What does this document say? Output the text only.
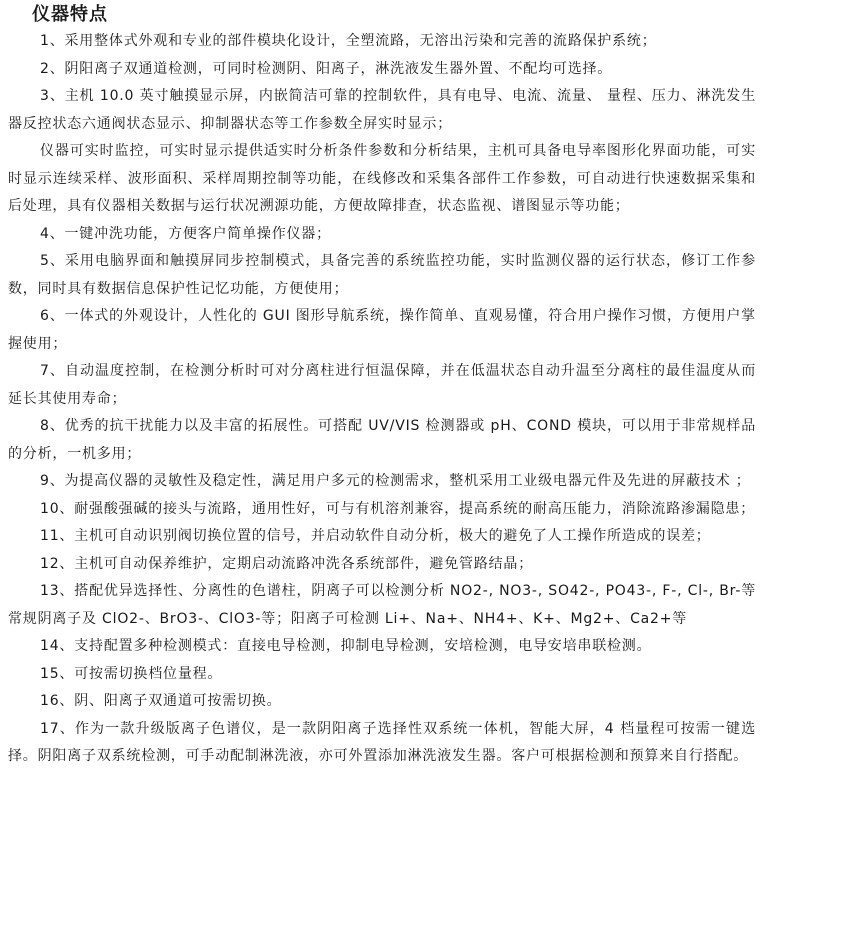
仪器特点

1、采用整体式外观和专业的部件模块化设计，全塑流路，无溶出污染和完善的流路保护系统；

2、阴阳离子双通道检测，可同时检测阴、阳离子，淋洗液发生器外置、不配均可选择。

3、主机 10.0 英寸触摸显示屏，内嵌简洁可靠的控制软件，具有电导、电流、流量、 量程、压力、淋洗发生器反控状态六通阀状态显示、抑制器状态等工作参数全屏实时显示；

仪器可实时监控，可实时显示提供适实时分析条件参数和分析结果，主机可具备电导率图形化界面功能，可实时显示连续采样、波形面积、采样周期控制等功能，在线修改和采集各部件工作参数，可自动进行快速数据采集和后处理，具有仪器相关数据与运行状况溯源功能，方便故障排查，状态监视、谱图显示等功能；

4、一键冲洗功能，方便客户简单操作仪器；

5、采用电脑界面和触摸屏同步控制模式，具备完善的系统监控功能，实时监测仪器的运行状态，修订工作参数，同时具有数据信息保护性记忆功能，方便使用；

6、一体式的外观设计，人性化的 GUI 图形导航系统，操作简单、直观易懂，符合用户操作习惯，方便用户掌握使用；

7、自动温度控制，在检测分析时可对分离柱进行恒温保障，并在低温状态自动升温至分离柱的最佳温度从而延长其使用寿命；

8、优秀的抗干扰能力以及丰富的拓展性。可搭配 UV/VIS 检测器或 pH、COND 模块，可以用于非常规样品的分析，一机多用；

9、为提高仪器的灵敏性及稳定性，满足用户多元的检测需求，整机采用工业级电器元件及先进的屏蔽技术 ；

10、耐强酸强碱的接头与流路，通用性好，可与有机溶剂兼容，提高系统的耐高压能力，消除流路渗漏隐患；

11、主机可自动识别阀切换位置的信号，并启动软件自动分析，极大的避免了人工操作所造成的误差；

12、主机可自动保养维护，定期启动流路冲洗各系统部件，避免管路结晶；

13、搭配优异选择性、分离性的色谱柱，阴离子可以检测分析 NO2-, NO3-, SO42-, PO43-, F-, Cl-, Br-等常规阴离子及 ClO2-、BrO3-、ClO3-等；阳离子可检测 Li+、Na+、NH4+、K+、Mg2+、Ca2+等

14、支持配置多种检测模式：直接电导检测，抑制电导检测，安培检测，电导安培串联检测。

15、可按需切换档位量程。

16、阴、阳离子双通道可按需切换。

17、作为一款升级版离子色谱仪，是一款阴阳离子选择性双系统一体机，智能大屏，4 档量程可按需一键选择。阴阳离子双系统检测，可手动配制淋洗液，亦可外置添加淋洗液发生器。客户可根据检测和预算来自行搭配。
